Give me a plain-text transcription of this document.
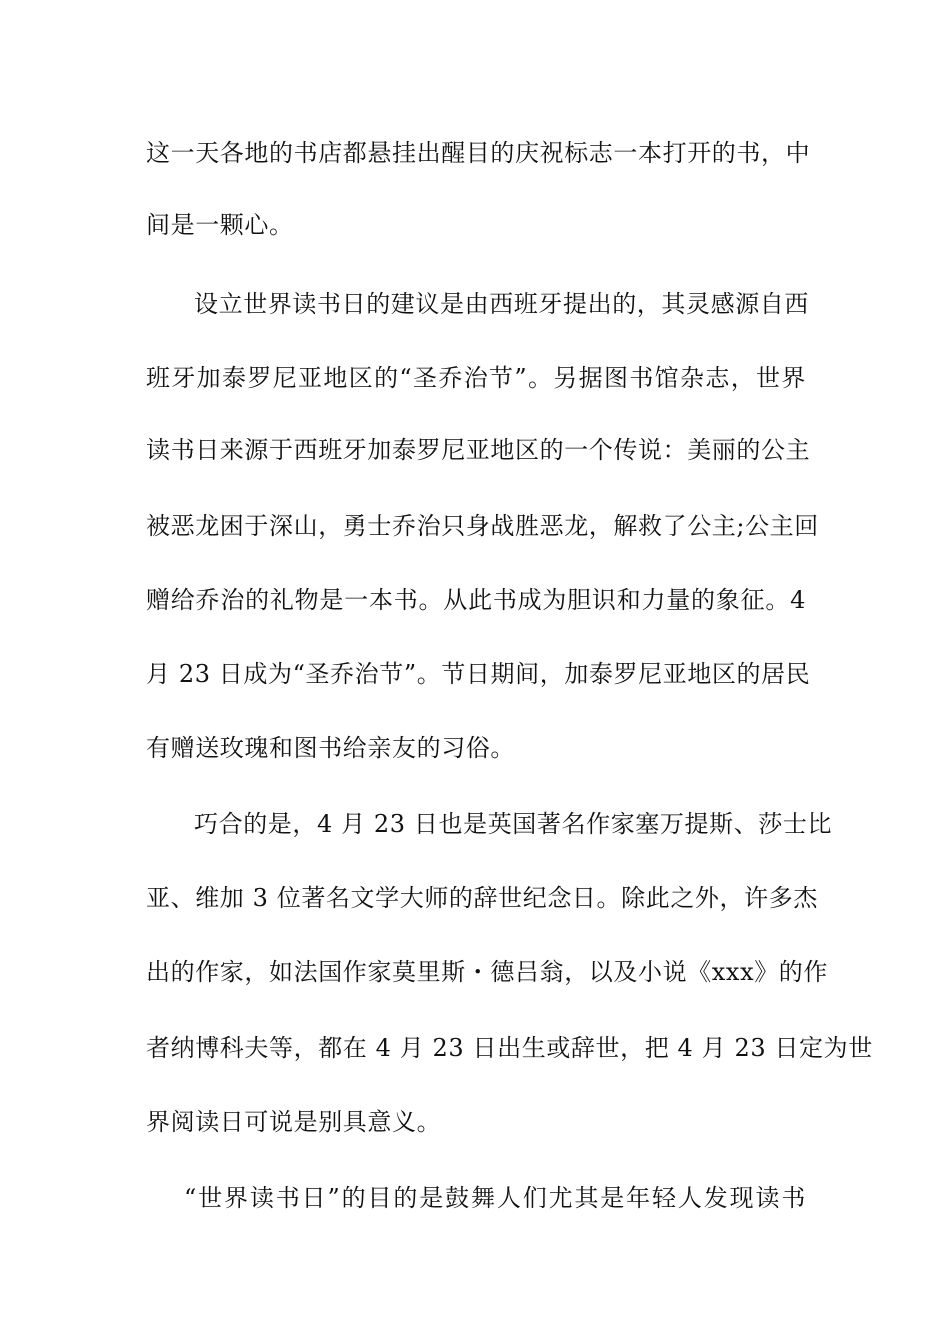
这一天各地的书店都悬挂出醒目的庆祝标志一本打开的书，中
间是一颗心。
设立世界读书日的建议是由西班牙提出的，其灵感源自西
班牙加泰罗尼亚地区的“圣乔治节”。另据图书馆杂志，世界
读书日来源于西班牙加泰罗尼亚地区的一个传说：美丽的公主
被恶龙困于深山，勇士乔治只身战胜恶龙，解救了公主;公主回
赠给乔治的礼物是一本书。从此书成为胆识和力量的象征。4
月 23 日成为“圣乔治节”。节日期间，加泰罗尼亚地区的居民
有赠送玫瑰和图书给亲友的习俗。
巧合的是，4 月 23 日也是英国著名作家塞万提斯、莎士比
亚、维加 3 位著名文学大师的辞世纪念日。除此之外，许多杰
出的作家，如法国作家莫里斯・德吕翁，以及小说《xxx》的作
者纳博科夫等，都在 4 月 23 日出生或辞世，把 4 月 23 日定为世
界阅读日可说是别具意义。
“世界读书日”的目的是鼓舞人们尤其是年轻人发现读书
